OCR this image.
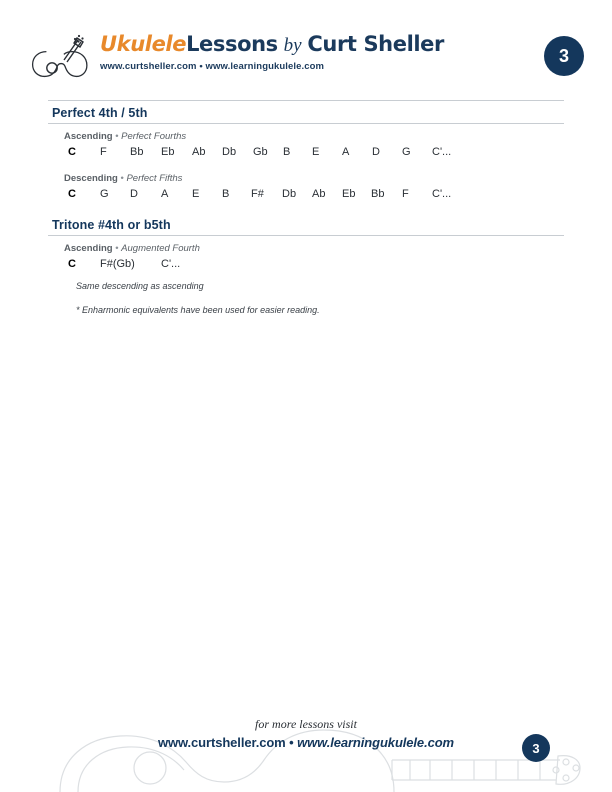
UkuleleLessons by Curt Sheller
www.curtsheller.com • www.learningukulele.com
3
Perfect 4th / 5th
Ascending • Perfect Fourths
C F Bb Eb Ab Db Gb B E A D G C'...
Descending • Perfect Fifths
C G D A E B F# Db Ab Eb Bb F C'...
Tritone #4th or b5th
Ascending • Augmented Fourth
C F#(Gb) C'...
Same descending as ascending
* Enharmonic equivalents have been used for easier reading.
for more lessons visit
www.curtsheller.com • www.learningukulele.com	3
